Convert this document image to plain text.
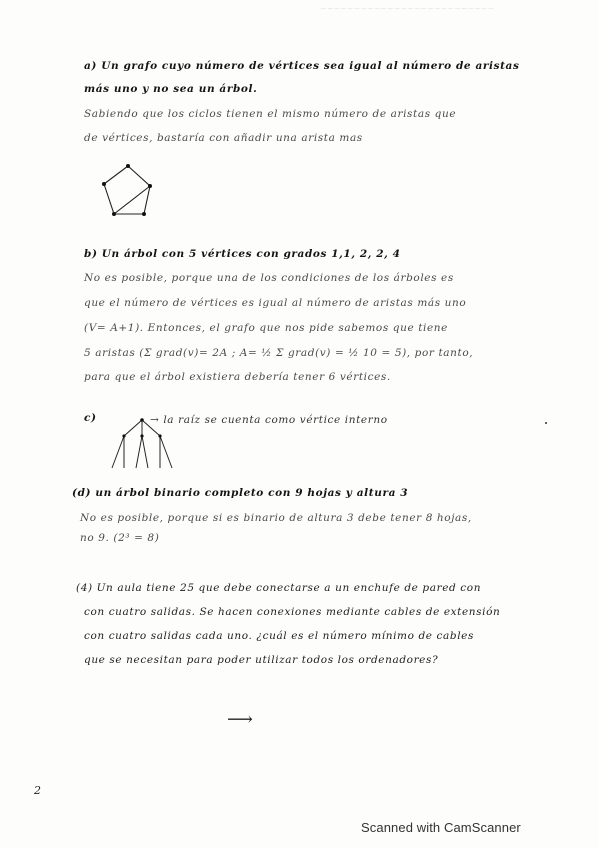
~~~~~~~~~~~~~~~~~~~~~~~~~~
a) Un grafo cuyo número de vértices sea igual al número de aristas
más uno y no sea un árbol.
Sabiendo que los ciclos tienen el mismo número de aristas que
de vértices, bastaría con añadir una arista mas
b) Un árbol con 5 vértices con grados 1,1, 2, 2, 4
No es posible, porque una de los condiciones de los árboles es
que el número de vértices es igual al número de aristas más uno
(V= A+1). Entonces, el grafo que nos pide sabemos que tiene
5 aristas (Σ grad(v)= 2A ; A= ½ Σ grad(v) = ½ 10 = 5), por tanto,
para que el árbol existiera debería tener 6 vértices.
c)	→ la raíz se cuenta como vértice interno
(d) un árbol binario completo con 9 hojas y altura 3
No es posible, porque si es binario de altura 3 debe tener 8 hojas,
no 9. (2³ = 8)
(4) Un aula tiene 25 que debe conectarse a un enchufe de pared con
con cuatro salidas. Se hacen conexiones mediante cables de extensión
con cuatro salidas cada uno. ¿cuál es el número mínimo de cables
que se necesitan para poder utilizar todos los ordenadores?
⟶
2
Scanned with CamScanner
